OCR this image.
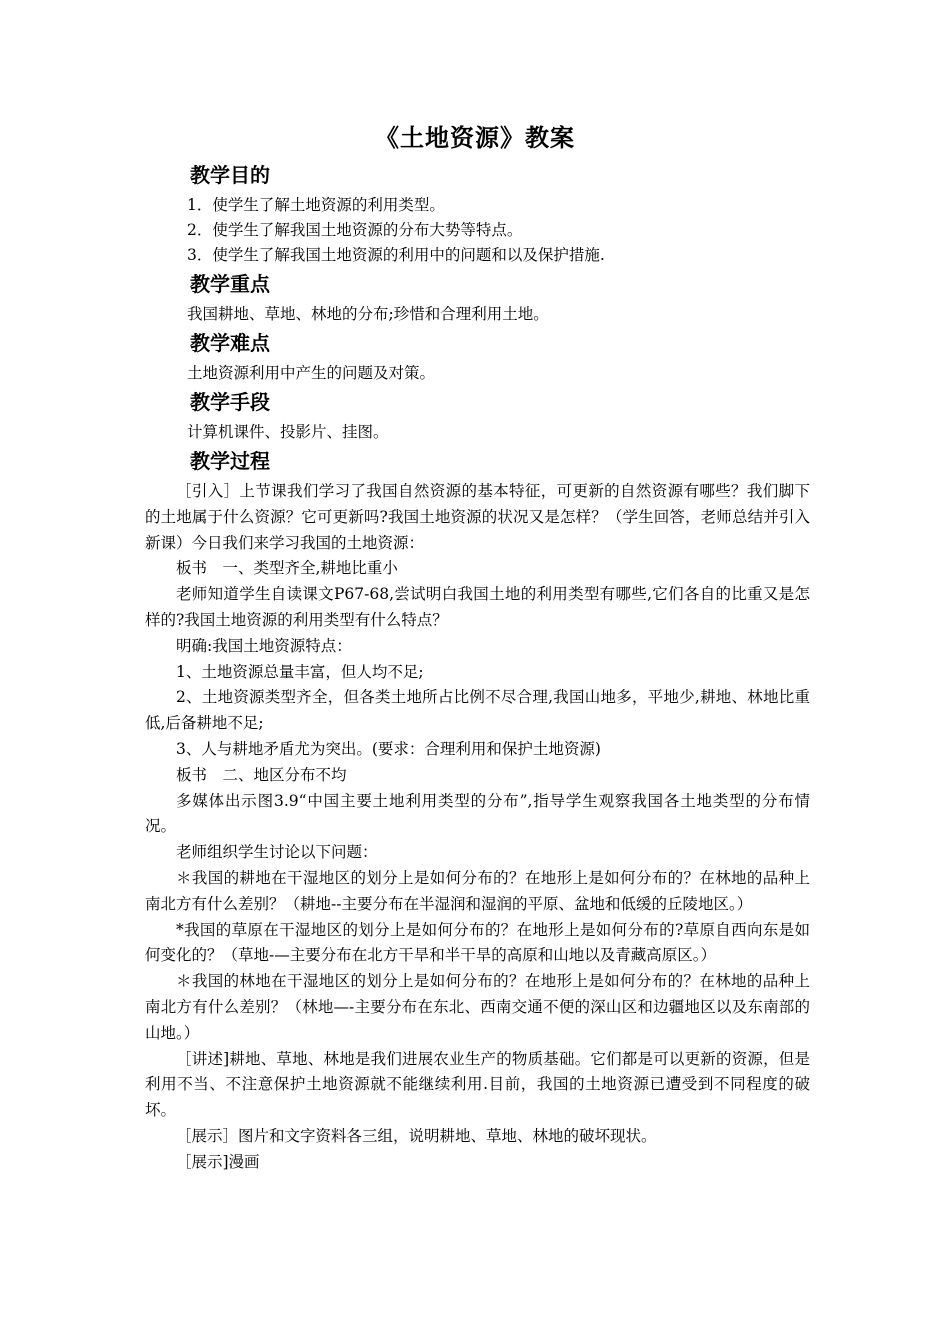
《土地资源》教案
教学目的
1．使学生了解土地资源的利用类型。
2．使学生了解我国土地资源的分布大势等特点。
3．使学生了解我国土地资源的利用中的问题和以及保护措施.
教学重点
我国耕地、草地、林地的分布;珍惜和合理利用土地。
教学难点
土地资源利用中产生的问题及对策。
教学手段
计算机课件、投影片、挂图。
教学过程

［引入］上节课我们学习了我国自然资源的基本特征，可更新的自然资源有哪些？我们脚下的土地属于什么资源？它可更新吗?我国土地资源的状况又是怎样？（学生回答，老师总结并引入新课）今日我们来学习我国的土地资源：

板书　一、类型齐全,耕地比重小

老师知道学生自读课文P67-68,尝试明白我国土地的利用类型有哪些,它们各自的比重又是怎样的?我国土地资源的利用类型有什么特点？

明确:我国土地资源特点：

1、土地资源总量丰富，但人均不足;

2、土地资源类型齐全，但各类土地所占比例不尽合理,我国山地多，平地少,耕地、林地比重低,后备耕地不足;

3、人与耕地矛盾尤为突出。(要求：合理利用和保护土地资源)

板书　二、地区分布不均

多媒体出示图3.9“中国主要土地利用类型的分布”,指导学生观察我国各土地类型的分布情况。

老师组织学生讨论以下问题：

＊我国的耕地在干湿地区的划分上是如何分布的？在地形上是如何分布的？在林地的品种上南北方有什么差别？（耕地--主要分布在半湿润和湿润的平原、盆地和低缓的丘陵地区。）

*我国的草原在干湿地区的划分上是如何分布的？在地形上是如何分布的?草原自西向东是如何变化的？（草地-—主要分布在北方干旱和半干旱的高原和山地以及青藏高原区。）

＊我国的林地在干湿地区的划分上是如何分布的？在地形上是如何分布的？在林地的品种上南北方有什么差别？（林地—-主要分布在东北、西南交通不便的深山区和边疆地区以及东南部的山地。）

［讲述]耕地、草地、林地是我们进展农业生产的物质基础。它们都是可以更新的资源，但是利用不当、不注意保护土地资源就不能继续利用.目前，我国的土地资源已遭受到不同程度的破坏。

［展示］图片和文字资料各三组，说明耕地、草地、林地的破坏现状。

［展示]漫画
